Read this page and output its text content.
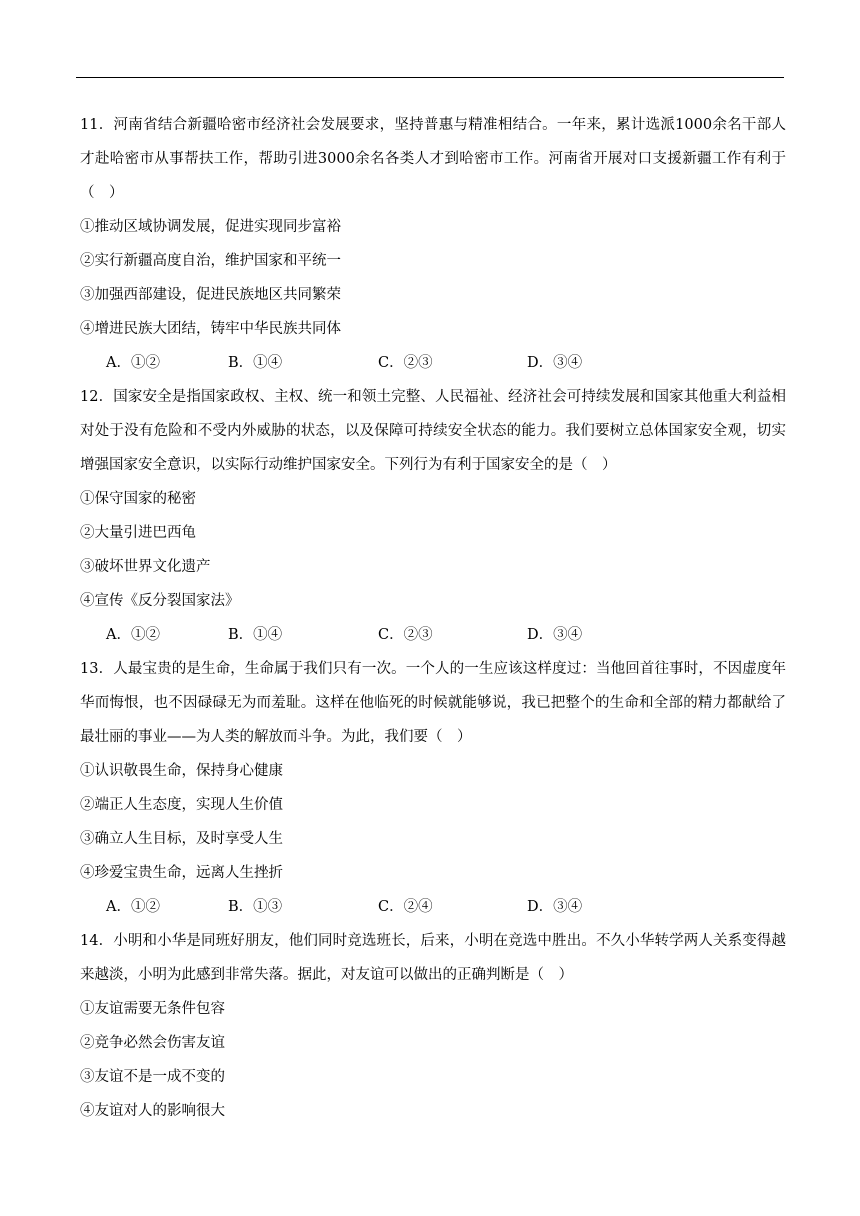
11．河南省结合新疆哈密市经济社会发展要求，坚持普惠与精准相结合。一年来，累计选派1000余名干部人才赴哈密市从事帮扶工作，帮助引进3000余名各类人才到哈密市工作。河南省开展对口支援新疆工作有利于（　）

①推动区域协调发展，促进实现同步富裕

②实行新疆高度自治，维护国家和平统一

③加强西部建设，促进民族地区共同繁荣

④增进民族大团结，铸牢中华民族共同体

A．①②	B．①④	C．②③	D．③④

12．国家安全是指国家政权、主权、统一和领土完整、人民福祉、经济社会可持续发展和国家其他重大利益相对处于没有危险和不受内外威胁的状态，以及保障可持续安全状态的能力。我们要树立总体国家安全观，切实增强国家安全意识，以实际行动维护国家安全。下列行为有利于国家安全的是（　）

①保守国家的秘密

②大量引进巴西龟

③破坏世界文化遗产

④宣传《反分裂国家法》

A．①②	B．①④	C．②③	D．③④

13．人最宝贵的是生命，生命属于我们只有一次。一个人的一生应该这样度过：当他回首往事时，不因虚度年华而悔恨，也不因碌碌无为而羞耻。这样在他临死的时候就能够说，我已把整个的生命和全部的精力都献给了最壮丽的事业——为人类的解放而斗争。为此，我们要（　）

①认识敬畏生命，保持身心健康

②端正人生态度，实现人生价值

③确立人生目标，及时享受人生

④珍爱宝贵生命，远离人生挫折

A．①②	B．①③	C．②④	D．③④

14．小明和小华是同班好朋友，他们同时竞选班长，后来，小明在竞选中胜出。不久小华转学两人关系变得越来越淡，小明为此感到非常失落。据此，对友谊可以做出的正确判断是（　）

①友谊需要无条件包容

②竞争必然会伤害友谊

③友谊不是一成不变的

④友谊对人的影响很大
